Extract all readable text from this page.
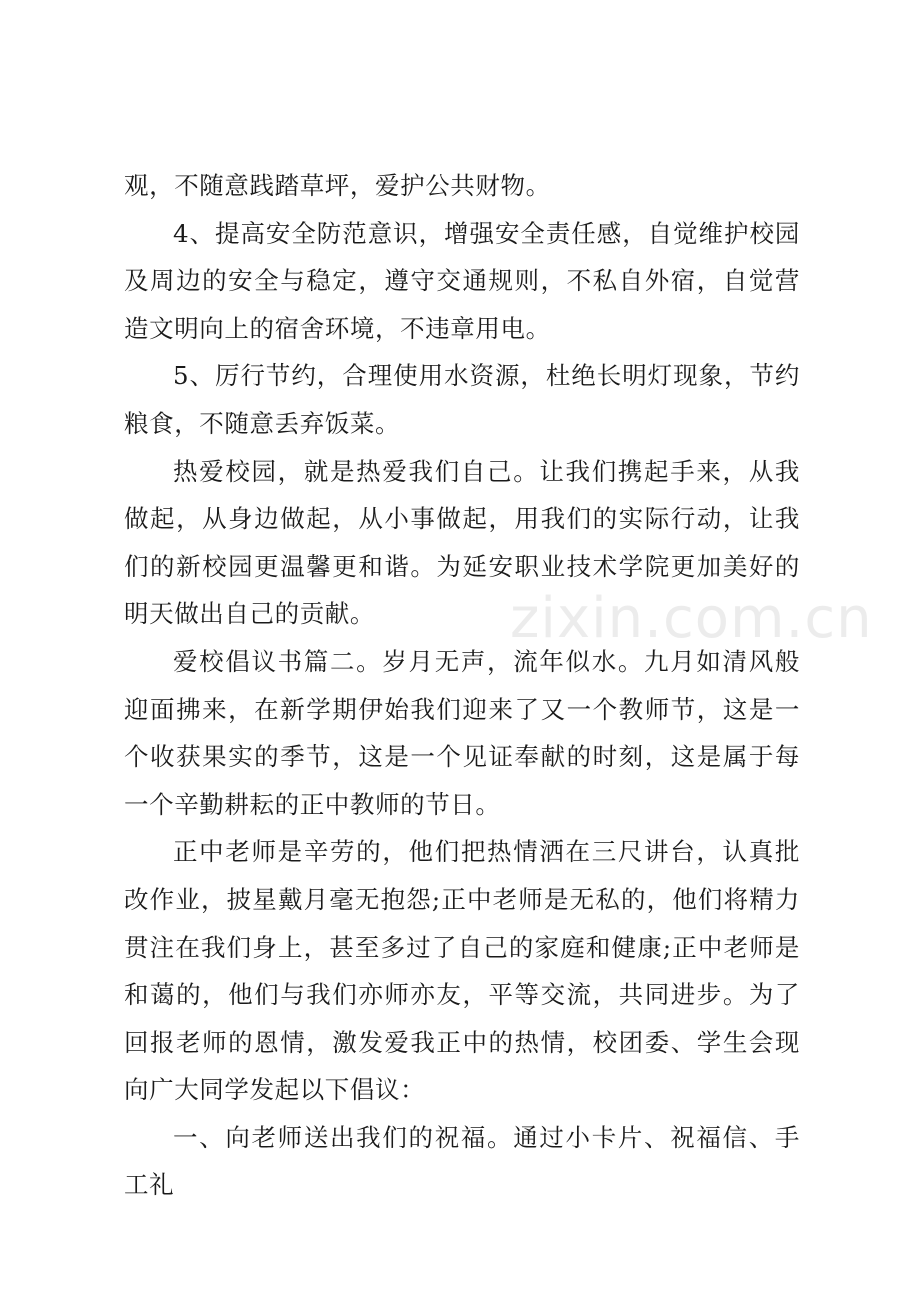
观，不随意践踏草坪，爱护公共财物。

4、提高安全防范意识，增强安全责任感，自觉维护校园及周边的安全与稳定，遵守交通规则，不私自外宿，自觉营造文明向上的宿舍环境，不违章用电。

5、厉行节约，合理使用水资源，杜绝长明灯现象，节约粮食，不随意丢弃饭菜。

热爱校园，就是热爱我们自己。让我们携起手来，从我做起，从身边做起，从小事做起，用我们的实际行动，让我们的新校园更温馨更和谐。为延安职业技术学院更加美好的明天做出自己的贡献。

爱校倡议书篇二。岁月无声，流年似水。九月如清风般迎面拂来，在新学期伊始我们迎来了又一个教师节，这是一个收获果实的季节，这是一个见证奉献的时刻，这是属于每一个辛勤耕耘的正中教师的节日。

正中老师是辛劳的，他们把热情洒在三尺讲台，认真批改作业，披星戴月毫无抱怨;正中老师是无私的，他们将精力贯注在我们身上，甚至多过了自己的家庭和健康;正中老师是和蔼的，他们与我们亦师亦友，平等交流，共同进步。为了回报老师的恩情，激发爱我正中的热情，校团委、学生会现向广大同学发起以下倡议：

一、向老师送出我们的祝福。通过小卡片、祝福信、手工礼

zixin.com.cn
